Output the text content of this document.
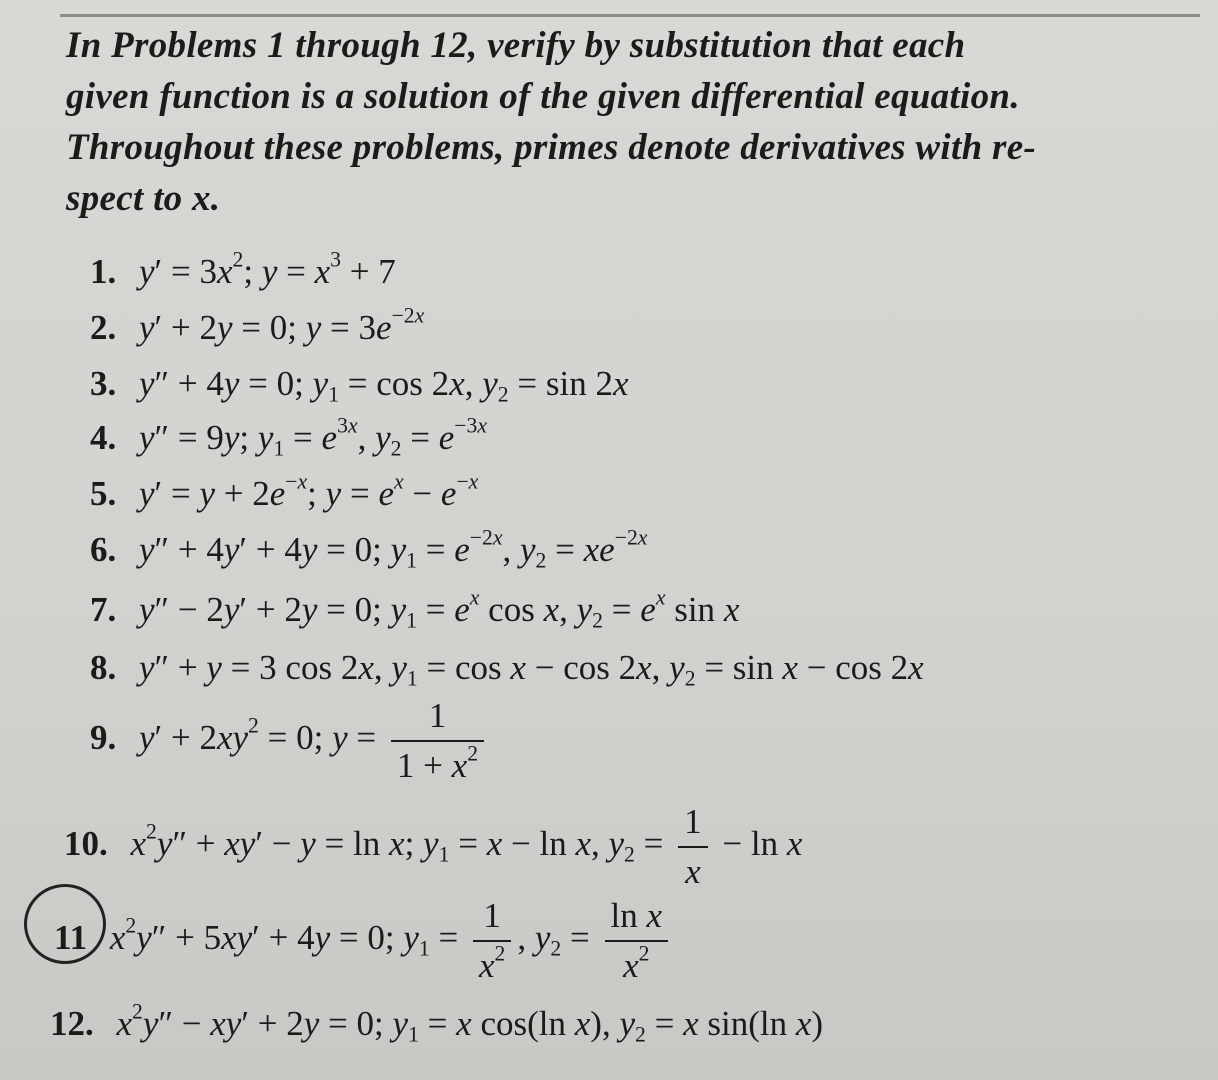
In Problems 1 through 12, verify by substitution that each
given function is a solution of the given differential equation.
Throughout these problems, primes denote derivatives with re-
spect to x.
1. $y' = 3x^2$; $y = x^3 + 7$
2. y′ + 2y = 0; $y = 3e^{-2x}$
3. y″ + 4y = 0; $y_1 = \cos 2x$, $y_2 = \sin 2x$
4. y″ = 9y; $y_1 = e^{3x}$, $y_2 = e^{-3x}$
5. $y' = y + 2e^{-x}$; $y = e^x - e^{-x}$
6. y″ + 4y′ + 4y = 0; $y_1 = e^{-2x}$, $y_2 = xe^{-2x}$
7. y″ − 2y′ + 2y = 0; $y_1 = e^x$ cos x, $y_2 = e^x$ sin x
8. y″ + y = 3 cos 2x, $y_1 = \cos x - \cos 2x$, $y_2 = \sin x - \cos 2x$
9. $y' + 2xy^2 = 0$; $y = \frac{1}{1 + x^2}$
10. $x^2y'' + xy' - y = \ln x$; $y_1 = x - \ln x$, $y_2 = \frac{1}{x} - \ln x$
11 $x^2y'' + 5xy' + 4y = 0$; $y_1 = \frac{1}{x^2}$ , $y_2 = \frac{\text{ln x}}{x^2}$
12. $x^2y'' - xy' + 2y = 0$; $y_1 = x$ cos(ln x), $y_2 = x$ sin(ln x)
